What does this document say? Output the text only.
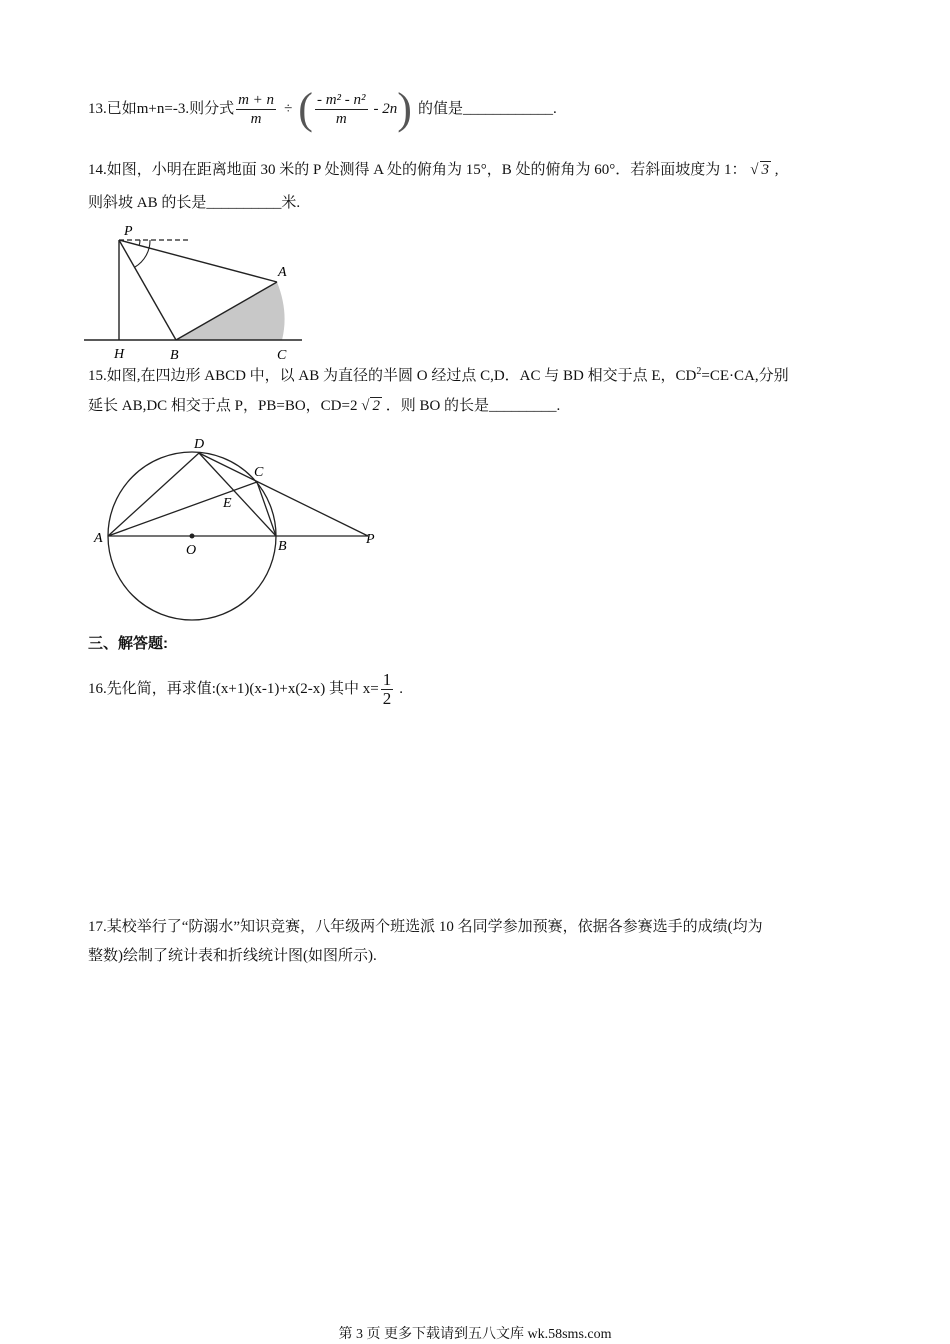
13.已如m+n=-3.则分式 $\frac{m + n}{m}$ ÷ ( $\frac{\text{- m² - n²}}{m} - 2n$ ) 的值是____________.
14.如图，小明在距离地面 30 米的 P 处测得 A 处的俯角为 15°，B 处的俯角为 60°．若斜面坡度为 1： √ 3 ,
则斜坡 AB 的长是__________米.
P
A
H	B	C
15.如图,在四边形 ABCD 中，以 AB 为直径的半圆 O 经过点 C,D．AC 与 BD 相交于点 E，$CD^2=CE\cdot CA$,分别
延长 AB,DC 相交于点 P，PB=BO，CD=2 √ 2 ．则 BO 的长是_________.
D
C
E
A
O	B	P
三、解答题:
16.先化简，再求值:(x+1)(x-1)+x(2-x) 其中 $x= \frac{1}{2}$ .
17.某校举行了“防溺水”知识竞赛，八年级两个班选派 10 名同学参加预赛，依据各参赛选手的成绩(均为
整数)绘制了统计表和折线统计图(如图所示).
第 3 页 更多下载请到五八文库 wk.58sms.com
